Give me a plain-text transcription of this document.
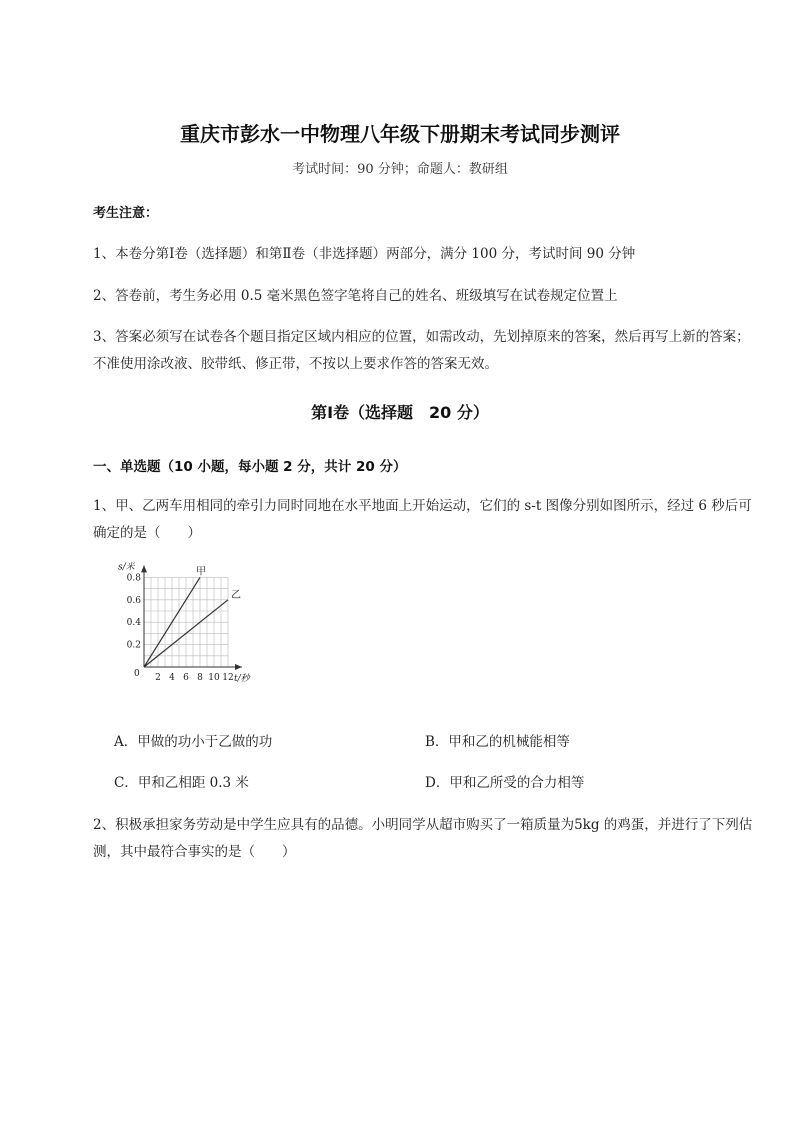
重庆市彭水一中物理八年级下册期末考试同步测评
考试时间：90 分钟；命题人：教研组
考生注意：
1、本卷分第Ⅰ卷（选择题）和第Ⅱ卷（非选择题）两部分，满分 100 分，考试时间 90 分钟
2、答卷前，考生务必用 0.5 毫米黑色签字笔将自己的姓名、班级填写在试卷规定位置上
3、答案必须写在试卷各个题目指定区域内相应的位置，如需改动，先划掉原来的答案，然后再写上新的答案；不准使用涂改液、胶带纸、修正带，不按以上要求作答的答案无效。
第Ⅰ卷（选择题　20 分）
一、单选题（10 小题，每小题 2 分，共计 20 分）
1、甲、乙两车用相同的牵引力同时同地在水平地面上开始运动，它们的 s-t 图像分别如图所示，经过 6 秒后可确定的是（　　）
甲
乙
2 4 6 8 10 12
0.2
0.4
0.6
0.8
0	t/秒
s/米
A．甲做的功小于乙做的功	B．甲和乙的机械能相等
C．甲和乙相距 0.3 米	D．甲和乙所受的合力相等
2、积极承担家务劳动是中学生应具有的品德。小明同学从超市购买了一箱质量为5kg 的鸡蛋，并进行了下列估测，其中最符合事实的是（　　）
